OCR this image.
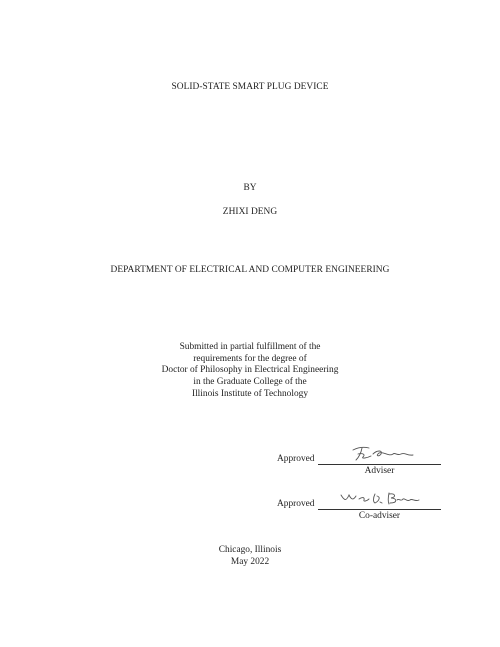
SOLID-STATE SMART PLUG DEVICE
BY
ZHIXI DENG
DEPARTMENT OF ELECTRICAL AND COMPUTER ENGINEERING
Submitted in partial fulfillment of the
requirements for the degree of
Doctor of Philosophy in Electrical Engineering
in the Graduate College of the
Illinois Institute of Technology
Approved
Adviser
Approved
Co-adviser
Chicago, Illinois
May 2022
